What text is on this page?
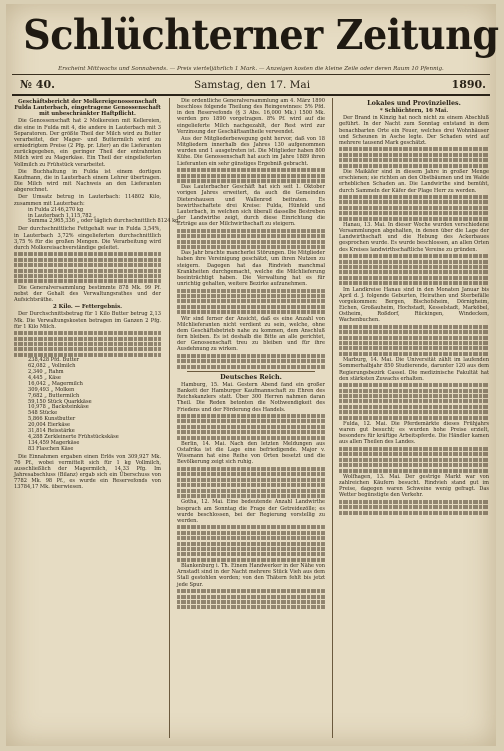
Schlüchterner Zeitung
Erscheint Mittwochs und Sonnabends. — Preis vierteljährlich 1 Mark. — Anzeigen kosten die kleine Zeile oder deren Raum 10 Pfennig.
№ 40.	Samstag, den 17. Mai	1890.
Geschäftsbericht der Molkereigenossenschaft Fulda Lauterbach, eingetragene Genossenschaft mit unbeschränkter Haftpflicht.

Die Genossenschaft hat 2 Molkereien mit Kellereien, die eine in Fulda mit 4, die andere in Lauterbach mit 3 Separatoren. Der größte Theil der Milch wird zu Butter verarbeitet, der Mager- und Buttermilch wird zu erniedrigtem Preise (2 Pfg. pr. Liter) an die Lieferanten zurückgegeben, ein geringer Theil der entrahmten Milch wird zu Magerkäse. Ein Theil der eingelieferten Vollmilch zu Frühstück verarbeitet.

Die Buchhaltung in Fulda ist einem dortigen Kaufmann, die in Lauterbach einem Lehrer übertragen. Die Milch wird mit Nachweis an den Lieferanten abgerechnet.

Der Umsatz betrug in Lauterbach: 114802 Kilo, zusammen mit Lauterbach:

in Fulda 2146,270 kg
in Lauterbach 1,115,782 „
Summa 2,965,336 „ oder täglich durchschnittlich 8124 kg.

Der durchschnittliche Fettgehalt war in Fulda 3,54%, in Lauterbach 3,72% eingelieferten durchschnittlich 3,75 % für die großen Mengen. Die Verarbeitung wird durch Molkereisachverständige geleitet.

Die Generalversammlung bestimmte 878 Mk. 99 Pf. nebst der Gehalt des Verwaltungsrathes und der Aufsichtsräthe.

2 Kilo. — Fettergebnis.

Der Durchschnittsbetrag für 1 Kilo Butter betrug 2,13 Mk. Die Verwaltungskosten betragen im Ganzen 2 Pfg. für 1 Kilo Milch.

238,428 Pfd. Butter
62,082 „ Vollmilch
2,340 „ Rahm
4,445 „ Käse
16,042 „ Magermilch
309,493 „ Molken
7,682 „ Buttermilch
59,150 Stück Quarkkäse
10,978 „ Backsteinkäse
548 Stücke
5,866 Kunstbutter
20,004 Eierkäse
31,814 Reisstärke
4,288 Zerkleinerte Frühstückskäse
134,459 Magerkäse
83 Flaschen Käse

Die Einnahmen ergaben einen Erlös von 309,927 Mk. 76 Pf., wobei vermittelt sich für 1 kg Vollmilch, ausschließlich der Magermilch, 14,33 Pfg. Im Jahresabschluss (Bilanz) ergab sich ein Überschuss von 7782 Mk. 98 Pf., es wurde ein Reservefonds von 13784,17 Mk. überwiesen.

Die ordentliche Generalversammlung am 4. März 1890 beschloss folgende Theilung des Reingewinnes: 5% Pfd. in den Reservefonds (§ 3 Abs. 16,000 Mk.) 1500 Mk. werden pro 1890 vorgetragen. 8% Pf. wird auf die eingelieferte Milch nachgezahlt, der Rest wird zur Verzinsung der Geschäftsantheile verwendet.

Aus der Mitgliederbewegung geht hervor, daß von 18 Mitgliedern innerhalb des Jahres 130 aufgenommen wurden und 1 ausgetreten ist. Die Mitglieder haben 800 Kühe. Die Genossenschaft hat auch im Jahre 1889 ihren Lieferanten ein sehr günstiges Ergebniß gebracht.

Das Lauterbacher Geschäft hat sich seit 1. Oktober vorigen Jahres erweitert, da auch die Gemeinden Dietershausen und Wallenrod beitraten. Es bewirthschaftete drei Kreise: Fulda, Hünfeld und Lauterbach, in welchen sich überall dasselbe Bestreben der Landwirthe zeigt, durch diese Einrichtung die Erträge aus der Milchwirthschaft zu steigern.

Das Jahr brachte mancherlei Störungen. Die Mitglieder haben ihre Vereinigung geschätzt, um ihren Nutzen zu steigern. Dagegen hat das Rindvieh manchmal Krankheiten durchgemacht, welche die Milchlieferung beeinträchtigt haben. Die Verwaltung hat es für unrichtig gehalten, weitere Bezirke aufzunehmen.

Wir sind ferner der Ansicht, daß es eine Anzahl von Milchlieferanten nicht verdient zu sein, welche, ohne dem Geschäftsbetrieb nahe zu kommen, dem Anschluß fern bleiben. Es ist deshalb die Bitte an alle gerichtet, der Genossenschaft treu zu bleiben und für ihre Ausdehnung zu wirken.

Deutsches Reich.

Hamburg, 15. Mai. Gestern Abend fand ein großer Bankett der Hamburger Kaufmannschaft zu Ehren des Reichskanzlers statt. Über 300 Herren nahmen daran Theil. Die Reden betonten die Nothwendigkeit des Friedens und der Förderung des Handels.

Berlin, 14. Mai. Nach den letzten Meldungen aus Ostafrika ist die Lage eine befriedigende. Major v. Wissmann hat eine Reihe von Orten besetzt und die Bevölkerung zeigt sich ruhig.

Gotha, 12. Mai. Eine bedeutende Anzahl Landwirthe besprach am Sonntag die Frage der Getreidezölle; es wurde beschlossen, bei der Regierung vorstellig zu werden.

Blankenburg i. Th. Einem Handwerker in der Nähe von Arnstadt sind in der Nacht mehrere Stück Vieh aus dem Stall gestohlen worden; von den Thätern fehlt bis jetzt jede Spur.

Lokales und Provinzielles.
* Schlüchtern, 16 Mai.

Der Brand in Kinzig hat noch nicht zu einem Abschluß geführt. In der Nacht zum Sonntag entstand in dem benachbarten Orte ein Feuer, welches drei Wohnhäuser und Scheunen in Asche legte. Der Schaden wird auf mehrere tausend Mark geschätzt.

Die Maikäfer sind in diesem Jahre in großer Menge erschienen; sie richten an den Obstbäumen und im Walde erheblichen Schaden an. Die Landwirthe sind bemüht, durch Sammeln der Käfer der Plage Herr zu werden.

Hanau, 13. Mai. In dieser Woche wurden verschiedene Versammlungen abgehalten, in denen über die Lage der Landwirthschaft und die Hebung des Ackerbaues gesprochen wurde. Es wurde beschlossen, an allen Orten des Kreises landwirthschaftliche Vereine zu gründen.

Im Landkreise Hanau sind in den Monaten Januar bis April d. J. folgende Geburten, Heirathen und Sterbefälle vorgekommen: Bergen, Bischofsheim, Dörnigheim, Eichen, Großauheim, Hochstadt, Kesselstadt, Marköbel, Ostheim, Roßdorf, Rückingen, Windecken, Wachenbuchen.

Marburg, 14. Mai. Die Universität zählt im laufenden Sommerhalbjahr 850 Studierende, darunter 120 aus dem Regierungsbezirk Cassel. Die medizinische Fakultät hat den stärksten Zuwachs erhalten.

Fulda, 12. Mai. Die Pferdemärkte dieses Frühjahrs waren gut besucht; es wurden hohe Preise erzielt, besonders für kräftige Arbeitspferde. Die Händler kamen aus allen Theilen des Landes.

Wolfhagen, 13. Mai. Der gestrige Markt war von zahlreichen Käufern besucht. Rindvieh stand gut im Preise, dagegen waren Schweine wenig gefragt. Das Wetter begünstigte den Verkehr.
